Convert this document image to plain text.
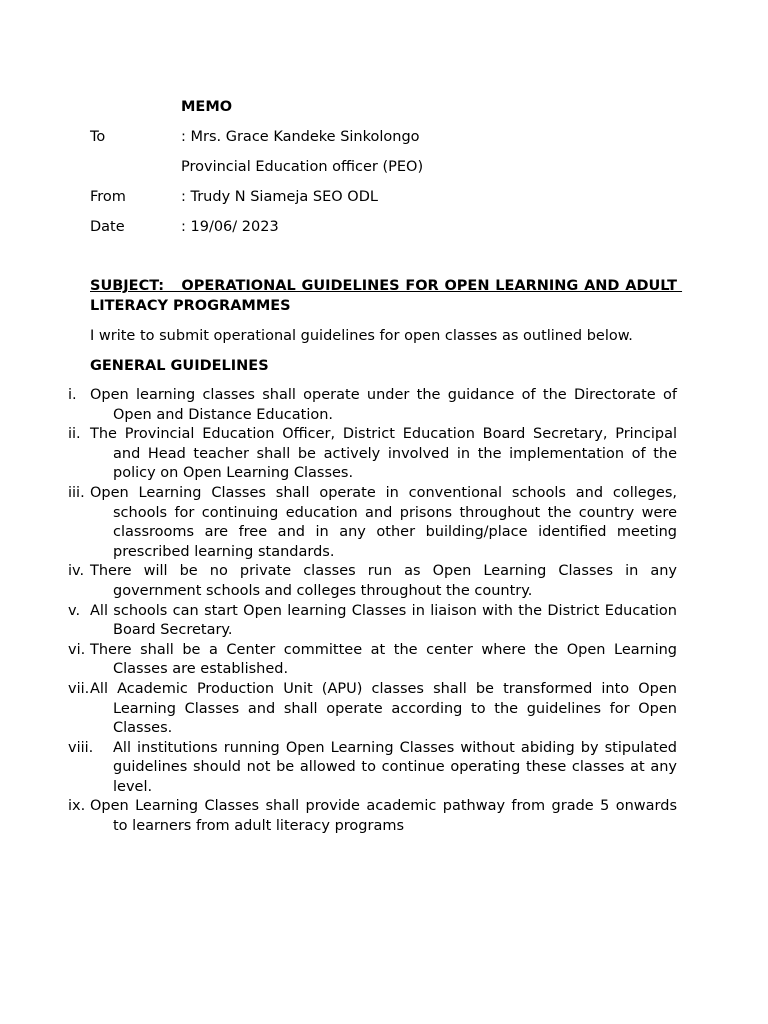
MEMO
To	: Mrs. Grace Kandeke Sinkolongo
Provincial Education officer (PEO)
From	: Trudy N Siameja SEO ODL
Date	: 19/06/ 2023
SUBJECT:   OPERATIONAL GUIDELINES FOR OPEN LEARNING AND ADULT LITERACY PROGRAMMES
I write to submit operational guidelines for open classes as outlined below.
GENERAL GUIDELINES
i. Open learning classes shall operate under the guidance of the Directorate of Open and Distance Education.
ii. The Provincial Education Officer, District Education Board Secretary, Principal and Head teacher shall be actively involved in the implementation of the policy on Open Learning Classes.
iii. Open Learning Classes shall operate in conventional schools and colleges, schools for continuing education and prisons throughout the country were classrooms are free and in any other building/place identified meeting prescribed learning standards.
iv. There will be no private classes run as Open Learning Classes in any government schools and colleges throughout the country.
v. All schools can start Open learning Classes in liaison with the District Education Board Secretary.
vi. There shall be a Center committee at the center where the Open Learning Classes are established.
vii. All Academic Production Unit (APU) classes shall be transformed into Open Learning Classes and shall operate according to the guidelines for Open Classes.
viii.	All institutions running Open Learning Classes without abiding by stipulated guidelines should not be allowed to continue operating these classes at any level.
ix. Open Learning Classes shall provide academic pathway from grade 5 onwards to learners from adult literacy programs
